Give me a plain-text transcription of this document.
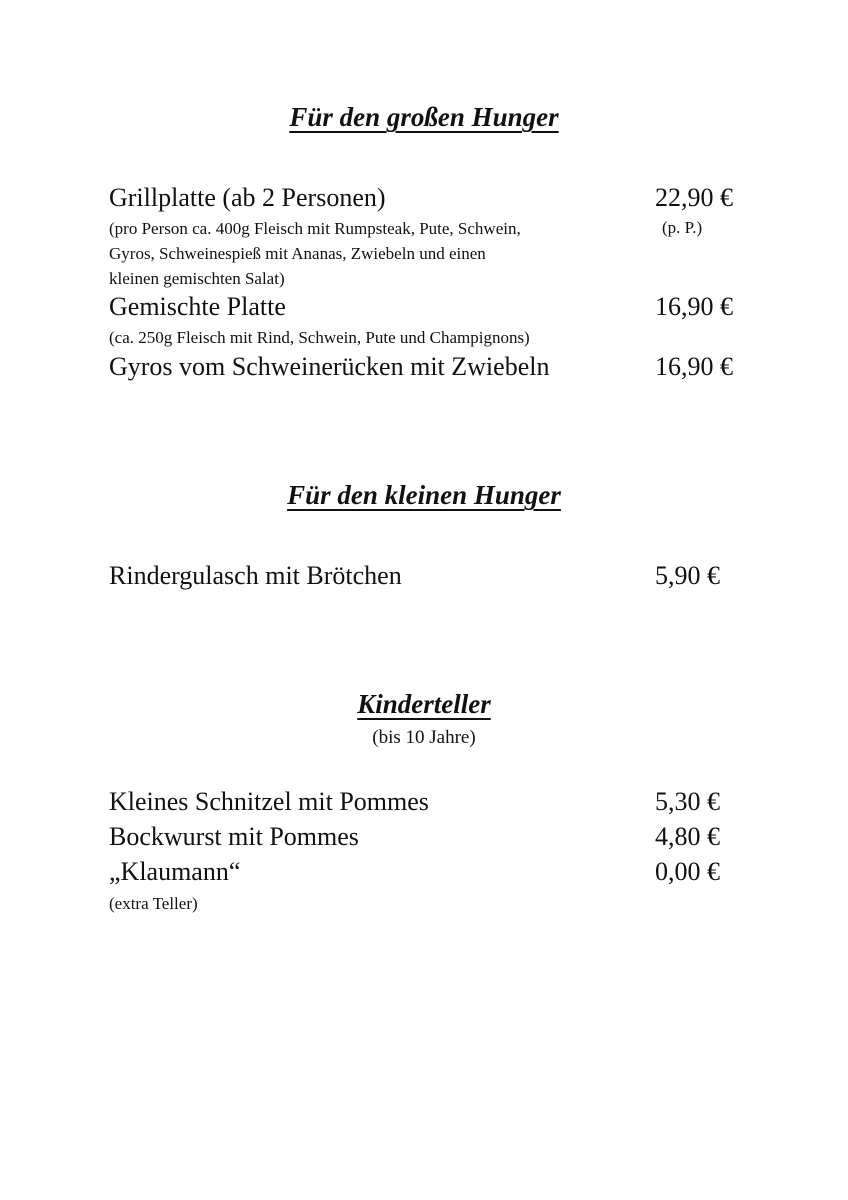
Für den großen Hunger
Grillplatte (ab 2 Personen)	22,90 €
(pro Person ca. 400g Fleisch mit Rumpsteak, Pute, Schwein,
Gyros, Schweinespieß mit Ananas, Zwiebeln und einen
kleinen gemischten Salat)
(p. P.)
Gemischte Platte	16,90 €
(ca. 250g Fleisch mit Rind, Schwein, Pute und Champignons)
Gyros vom Schweinerücken mit Zwiebeln	16,90 €
Für den kleinen Hunger
Rindergulasch mit Brötchen	5,90 €
Kinderteller
(bis 10 Jahre)
Kleines Schnitzel mit Pommes	5,30 €
Bockwurst mit Pommes	4,80 €
„Klaumann“	0,00 €
(extra Teller)
